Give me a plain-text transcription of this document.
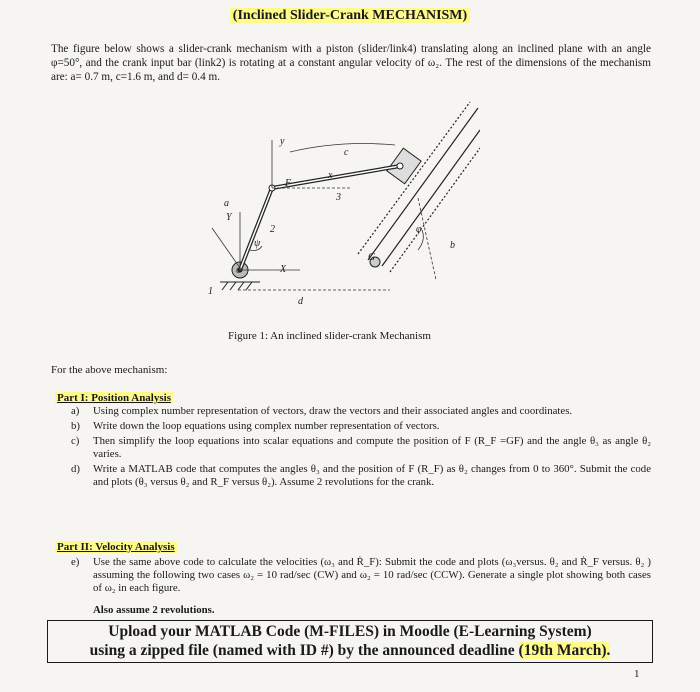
(Inclined Slider-Crank MECHANISM)
The figure below shows a slider-crank mechanism with a piston (slider/link4) translating along an inclined plane with an angle φ=50°, and the crank input bar (link2) is rotating at a constant angular velocity of ω₂. The rest of the dimensions of the mechanism are: a= 0.7 m, c=1.6 m, and d= 0.4 m.
y
c
F
x
3
a
Y
2	φ
b
G
ψ
O	X
1
d
Figure 1: An inclined slider-crank Mechanism
For the above mechanism:
Part I: Position Analysis
a)	Using complex number representation of vectors, draw the vectors and their associated angles and coordinates.
b)	Write down the loop equations using complex number representation of vectors.
c)	Then simplify the loop equations into scalar equations and compute the position of F (R_F =GF) and the angle θ₃ as angle θ₂ varies.
d)	Write a MATLAB code that computes the angles θ₃ and the position of F (R_F) as θ₂ changes from 0 to 360°. Submit the code and plots (θ₃ versus θ₂ and R_F versus θ₂). Assume 2 revolutions for the crank.
Part II: Velocity Analysis
e)	Use the same above code to calculate the velocities (ω₃ and Ṙ_F): Submit the code and plots (ω₃versus. θ₂ and Ṙ_F versus. θ₂ ) assuming the following two cases ω₂ = 10 rad/sec (CW) and ω₂ = 10 rad/sec (CCW). Generate a single plot showing both cases of ω₂ in each figure.
Also assume 2 revolutions.
Upload your MATLAB Code (M-FILES) in Moodle (E-Learning System)
using a zipped file (named with ID #) by the announced deadline (19th March).
1
